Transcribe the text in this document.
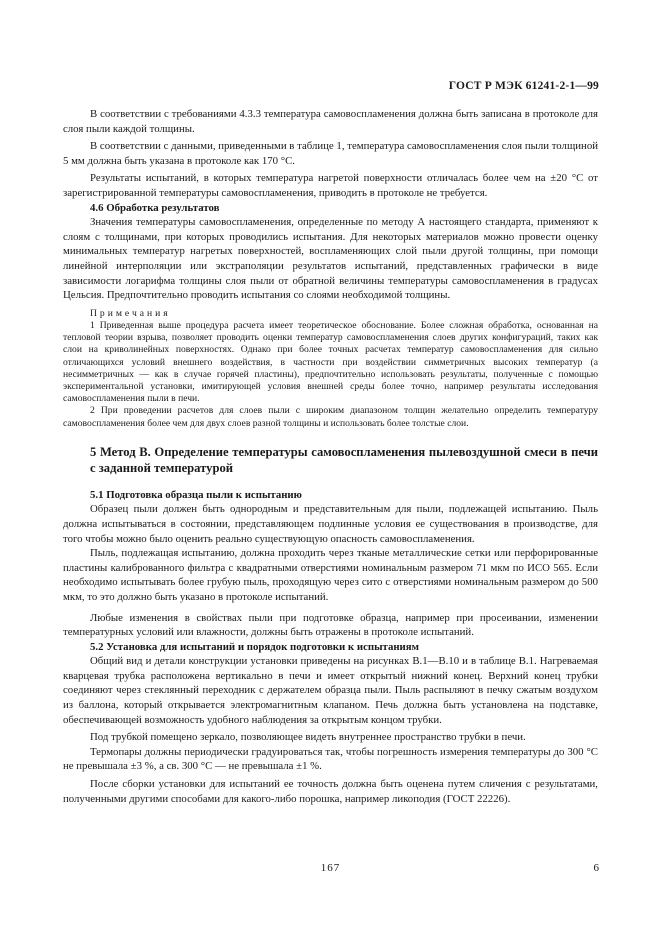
ГОСТ Р МЭК 61241-2-1—99

В соответствии с требованиями 4.3.3 температура самовоспламенения должна быть записана в протоколе для слоя пыли каждой толщины.

В соответствии с данными, приведенными в таблице 1, температура самовоспламенения слоя пыли толщиной 5 мм должна быть указана в протоколе как 170 °С.

Результаты испытаний, в которых температура нагретой поверхности отличалась более чем на ±20 °С от зарегистрированной температуры самовоспламенения, приводить в протоколе не требуется.

4.6 Обработка результатов

Значения температуры самовоспламенения, определенные по методу А настоящего стандарта, применяют к слоям с толщинами, при которых проводились испытания. Для некоторых материалов можно провести оценку минимальных температур нагретых поверхностей, воспламеняющих слой пыли другой толщины, при помощи линейной интерполяции или экстраполяции результатов испытаний, представленных графически в виде зависимости логарифма толщины слоя пыли от обратной величины температуры самовоспламенения в градусах Цельсия. Предпочтительно проводить испытания со слоями необходимой толщины.

Примечания

1 Приведенная выше процедура расчета имеет теоретическое обоснование. Более сложная обработка, основанная на тепловой теории взрыва, позволяет проводить оценки температур самовоспламенения слоев других конфигураций, таких как слои на криволинейных поверхностях. Однако при более точных расчетах температур самовоспламенения для сильно отличающихся условий внешнего воздействия, в частности при воздействии симметричных высоких температур (а несимметричных — как в случае горячей пластины), предпочтительно использовать результаты, полученные с помощью экспериментальной установки, имитирующей условия внешней среды более точно, например результаты исследования самовоспламенения пыли в печи.

2 При проведении расчетов для слоев пыли с широким диапазоном толщин желательно определить температуру самовоспламенения более чем для двух слоев разной толщины и использовать более толстые слои.

5 Метод В. Определение температуры самовоспламенения пылевоздушной смеси в печи с заданной температурой

5.1 Подготовка образца пыли к испытанию

Образец пыли должен быть однородным и представительным для пыли, подлежащей испытанию. Пыль должна испытываться в состоянии, представляющем подлинные условия ее существования в производстве, для того чтобы можно было оценить реально существующую опасность самовоспламенения.

Пыль, подлежащая испытанию, должна проходить через тканые металлические сетки или перфорированные пластины калиброванного фильтра с квадратными отверстиями номинальным размером 71 мкм по ИСО 565. Если необходимо испытывать более грубую пыль, проходящую через сито с отверстиями номинальным размером до 500 мкм, то это должно быть указано в протоколе испытаний.

Любые изменения в свойствах пыли при подготовке образца, например при просеивании, изменении температурных условий или влажности, должны быть отражены в протоколе испытаний.

5.2 Установка для испытаний и порядок подготовки к испытаниям

Общий вид и детали конструкции установки приведены на рисунках В.1—В.10 и в таблице В.1. Нагреваемая кварцевая трубка расположена вертикально в печи и имеет открытый нижний конец. Верхний конец трубки соединяют через стеклянный переходник с держателем образца пыли. Пыль распыляют в печку сжатым воздухом из баллона, который открывается электромагнитным клапаном. Печь должна быть установлена на подставке, обеспечивающей возможность удобного наблюдения за открытым концом трубки.

Под трубкой помещено зеркало, позволяющее видеть внутреннее пространство трубки в печи.

Термопары должны периодически градуироваться так, чтобы погрешность измерения температуры до 300 °С не превышала ±3 %, а св. 300 °С — не превышала ±1 %.

После сборки установки для испытаний ее точность должна быть оценена путем сличения с результатами, полученными другими способами для какого-либо порошка, например ликоподия (ГОСТ 22226).

167	6
